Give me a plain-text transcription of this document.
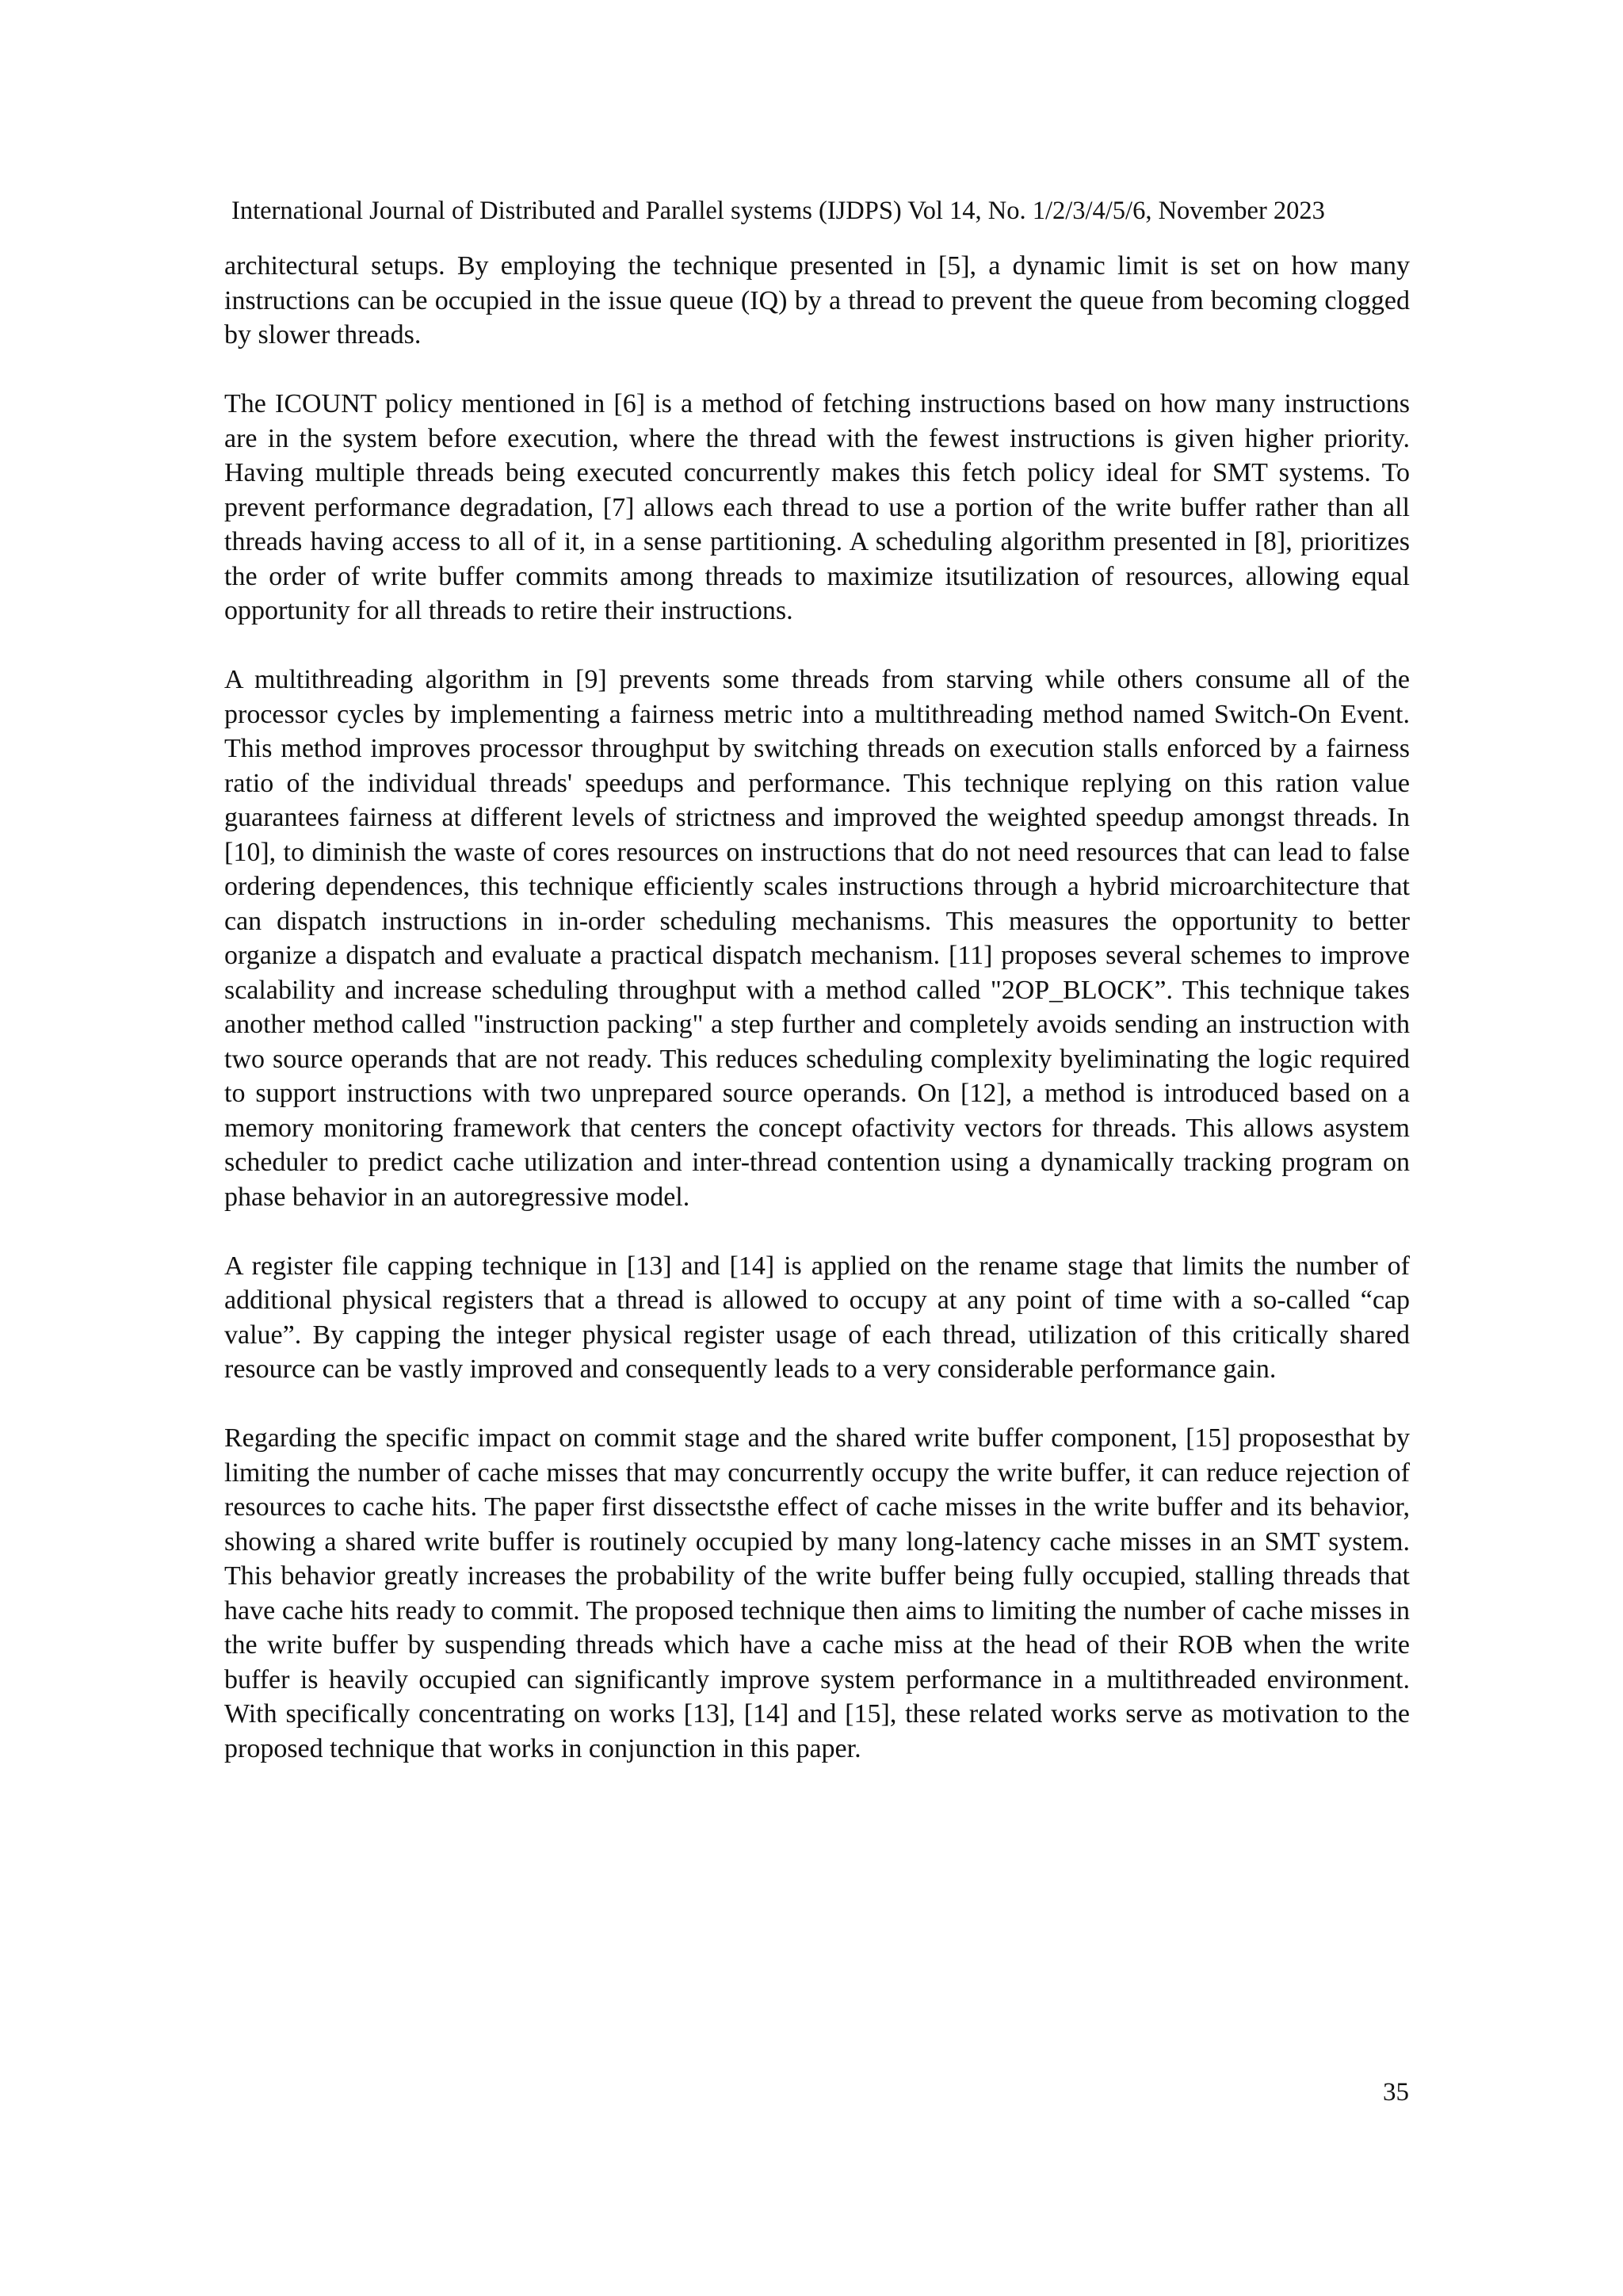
International Journal of Distributed and Parallel systems (IJDPS) Vol 14, No. 1/2/3/4/5/6, November 2023

architectural setups. By employing the technique presented in [5], a dynamic limit is set on how many instructions can be occupied in the issue queue (IQ) by a thread to prevent the queue from becoming clogged by slower threads.

The ICOUNT policy mentioned in [6] is a method of fetching instructions based on how many instructions are in the system before execution, where the thread with the fewest instructions is given higher priority. Having multiple threads being executed concurrently makes this fetch policy ideal for SMT systems. To prevent performance degradation, [7] allows each thread to use a portion of the write buffer rather than all threads having access to all of it, in a sense partitioning. A scheduling algorithm presented in [8], prioritizes the order of write buffer commits among threads to maximize itsutilization of resources, allowing equal opportunity for all threads to retire their instructions.

A multithreading algorithm in [9] prevents some threads from starving while others consume all of the processor cycles by implementing a fairness metric into a multithreading method named Switch-On Event. This method improves processor throughput by switching threads on execution stalls enforced by a fairness ratio of the individual threads' speedups and performance. This technique replying on this ration value guarantees fairness at different levels of strictness and improved the weighted speedup amongst threads. In [10], to diminish the waste of cores resources on instructions that do not need resources that can lead to false ordering dependences, this technique efficiently scales instructions through a hybrid microarchitecture that can dispatch instructions in in-order scheduling mechanisms. This measures the opportunity to better organize a dispatch and evaluate a practical dispatch mechanism. [11] proposes several schemes to improve scalability and increase scheduling throughput with a method called "2OP_BLOCK”. This technique takes another method called "instruction packing" a step further and completely avoids sending an instruction with two source operands that are not ready. This reduces scheduling complexity byeliminating the logic required to support instructions with two unprepared source operands. On [12], a method is introduced based on a memory monitoring framework that centers the concept ofactivity vectors for threads. This allows asystem scheduler to predict cache utilization and inter-thread contention using a dynamically tracking program on phase behavior in an autoregressive model.

A register file capping technique in [13] and [14] is applied on the rename stage that limits the number of additional physical registers that a thread is allowed to occupy at any point of time with a so-called “cap value”. By capping the integer physical register usage of each thread, utilization of this critically shared resource can be vastly improved and consequently leads to a very considerable performance gain.

Regarding the specific impact on commit stage and the shared write buffer component, [15] proposesthat by limiting the number of cache misses that may concurrently occupy the write buffer, it can reduce rejection of resources to cache hits. The paper first dissectsthe effect of cache misses in the write buffer and its behavior, showing a shared write buffer is routinely occupied by many long-latency cache misses in an SMT system. This behavior greatly increases the probability of the write buffer being fully occupied, stalling threads that have cache hits ready to commit. The proposed technique then aims to limiting the number of cache misses in the write buffer by suspending threads which have a cache miss at the head of their ROB when the write buffer is heavily occupied can significantly improve system performance in a multithreaded environment. With specifically concentrating on works [13], [14] and [15], these related works serve as motivation to the proposed technique that works in conjunction in this paper.

35
